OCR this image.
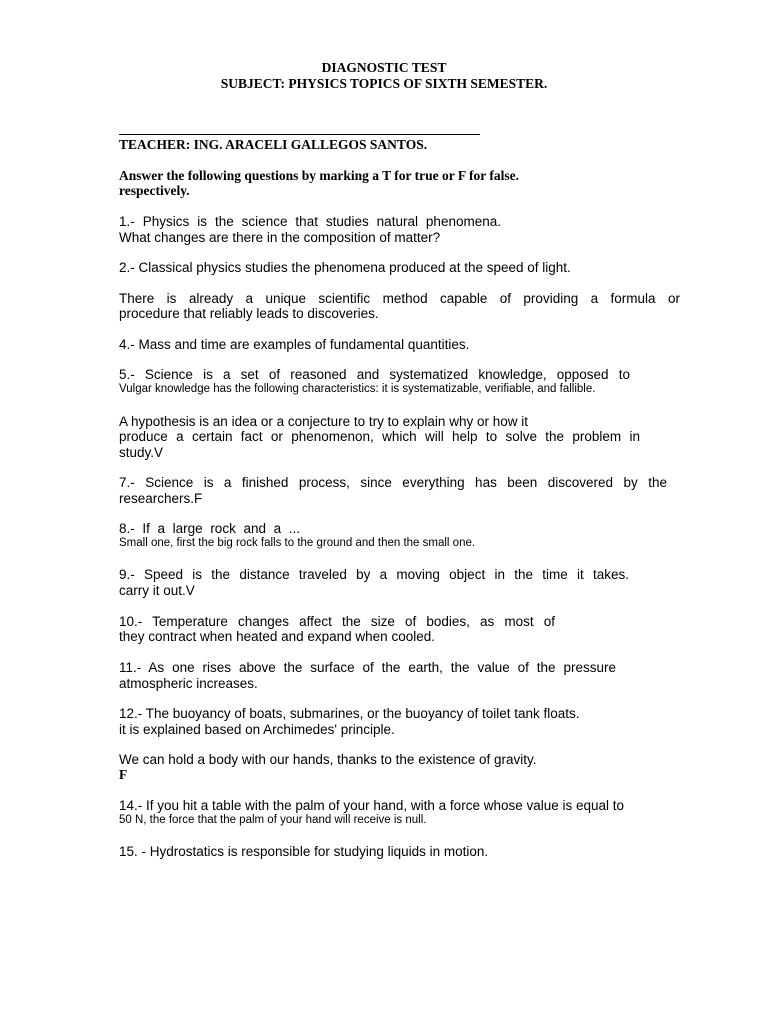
DIAGNOSTIC TEST
SUBJECT: PHYSICS TOPICS OF SIXTH SEMESTER.
TEACHER: ING. ARACELI GALLEGOS SANTOS.
Answer the following questions by marking a T for true or F for false.
respectively.
1.- Physics is the science that studies natural phenomena.
What changes are there in the composition of matter?
2.- Classical physics studies the phenomena produced at the speed of light.
There is already a unique scientific method capable of providing a formula or
procedure that reliably leads to discoveries.
4.- Mass and time are examples of fundamental quantities.
5.- Science is a set of reasoned and systematized knowledge, opposed to
Vulgar knowledge has the following characteristics: it is systematizable, verifiable, and fallible.
A hypothesis is an idea or a conjecture to try to explain why or how it
produce a certain fact or phenomenon, which will help to solve the problem in
study.V
7.- Science is a finished process, since everything has been discovered by the
researchers.F
8.- If a large rock and a ...
Small one, first the big rock falls to the ground and then the small one.
9.- Speed is the distance traveled by a moving object in the time it takes.
carry it out.V
10.- Temperature changes affect the size of bodies, as most of
they contract when heated and expand when cooled.
11.- As one rises above the surface of the earth, the value of the pressure
atmospheric increases.
12.- The buoyancy of boats, submarines, or the buoyancy of toilet tank floats.
it is explained based on Archimedes' principle.
We can hold a body with our hands, thanks to the existence of gravity.
F
14.- If you hit a table with the palm of your hand, with a force whose value is equal to
50 N, the force that the palm of your hand will receive is null.
15. - Hydrostatics is responsible for studying liquids in motion.
